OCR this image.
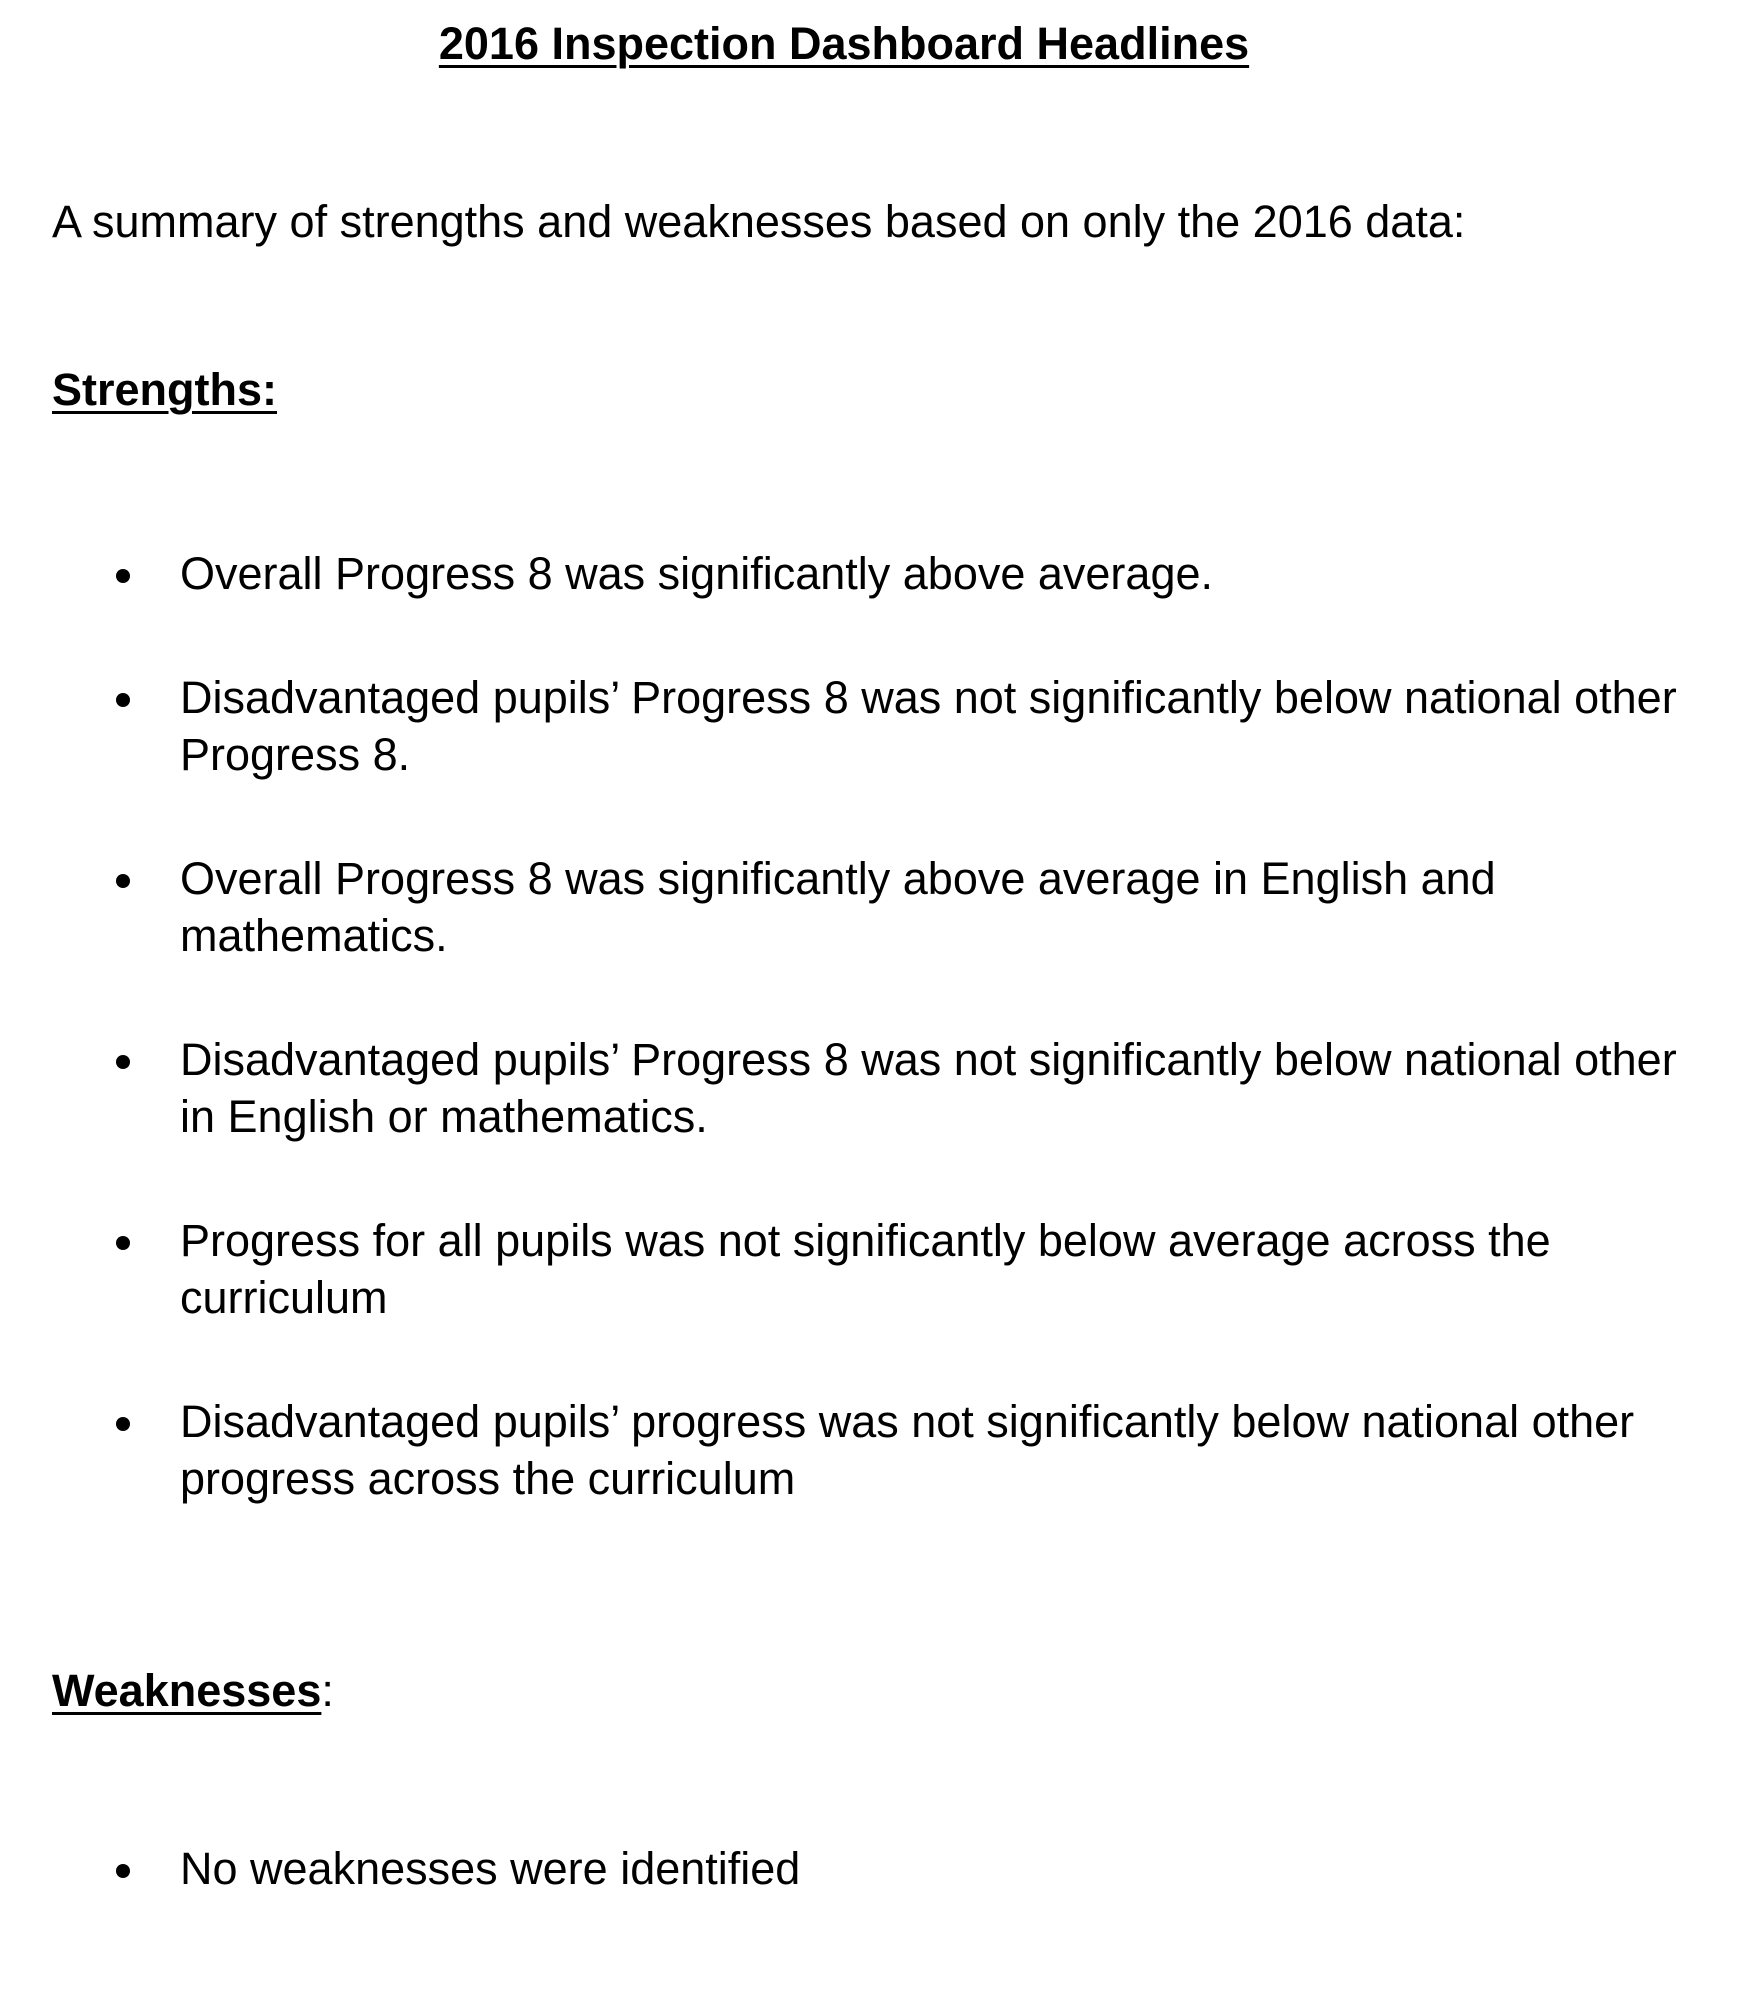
2016 Inspection Dashboard Headlines

A summary of strengths and weaknesses based on only the 2016 data:

Strengths:
Overall Progress 8 was significantly above average.
Disadvantaged pupils’ Progress 8 was not significantly below national other Progress 8.
Overall Progress 8 was significantly above average in English and mathematics.
Disadvantaged pupils’ Progress 8 was not significantly below national other in English or mathematics.
Progress for all pupils was not significantly below average across the curriculum
Disadvantaged pupils’ progress was not significantly below national other progress across the curriculum
Weaknesses:
No weaknesses were identified
